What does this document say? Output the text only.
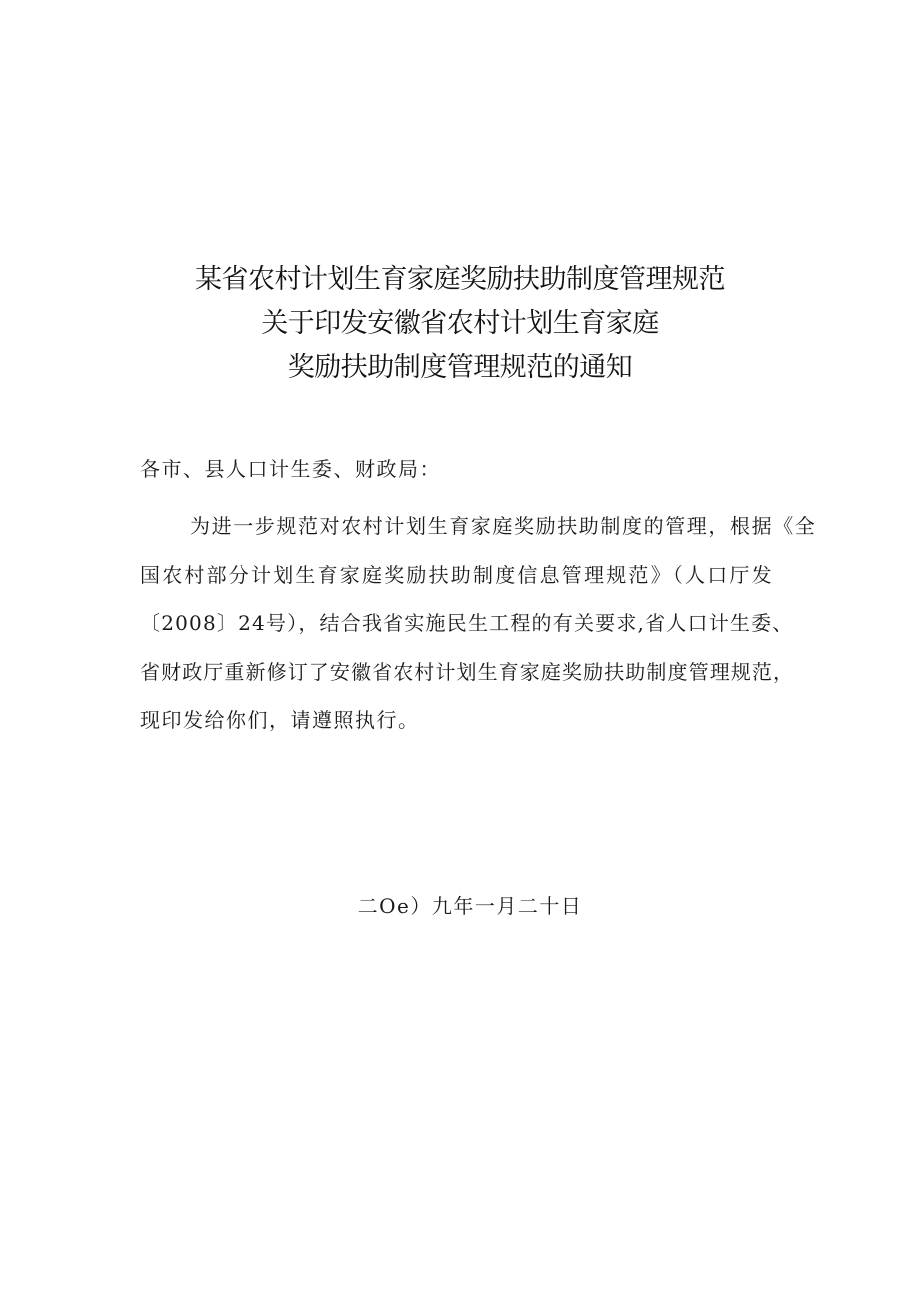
某省农村计划生育家庭奖励扶助制度管理规范
关于印发安徽省农村计划生育家庭
奖励扶助制度管理规范的通知
各市、县人口计生委、财政局：
为进一步规范对农村计划生育家庭奖励扶助制度的管理，根据《全
国农村部分计划生育家庭奖励扶助制度信息管理规范》（人口厅发
〔2008〕24号），结合我省实施民生工程的有关要求,省人口计生委、
省财政厅重新修订了安徽省农村计划生育家庭奖励扶助制度管理规范，
现印发给你们，请遵照执行。
二Oe）九年一月二十日
